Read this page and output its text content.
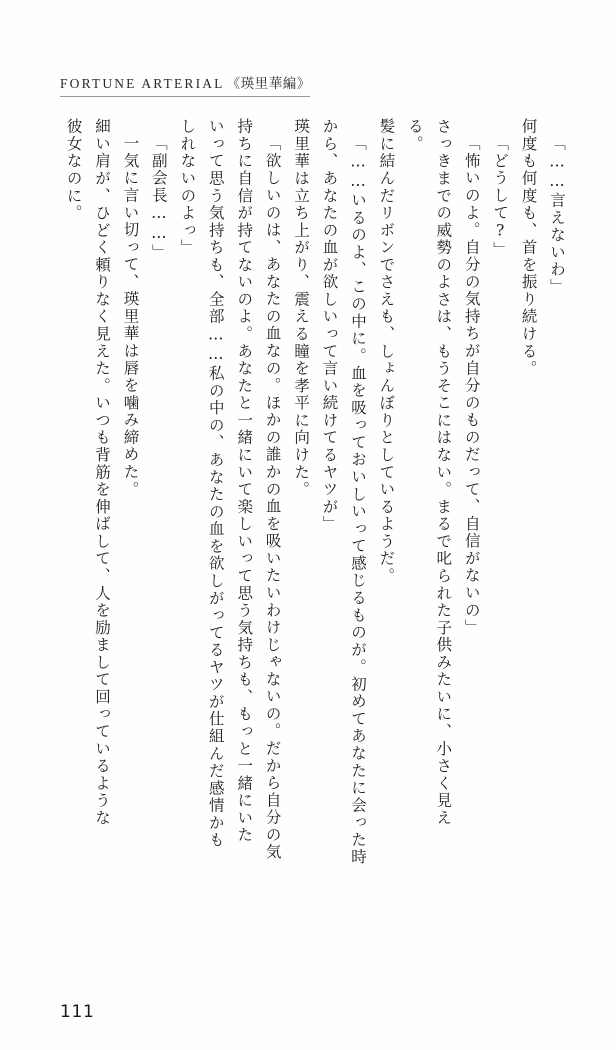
FORTUNE ARTERIAL 《瑛里華編》
「……言えないわ」
何度も何度も、首を振り続ける。
「どうして?」
「怖いのよ。自分の気持ちが自分のものだって、自信がないの」
さっきまでの威勢のよさは、もうそこにはない。まるで叱られた子供みたいに、小さく見え
る。
髪に結んだリボンでさえも、しょんぼりとしているようだ。
「……いるのよ、この中に。血を吸っておいしいって感じるものが。初めてあなたに会った時
から、あなたの血が欲しいって言い続けてるヤツが」
瑛里華は立ち上がり、震える瞳を孝平に向けた。
「欲しいのは、あなたの血なの。ほかの誰かの血を吸いたいわけじゃないの。だから自分の気
持ちに自信が持てないのよ。あなたと一緒にいて楽しいって思う気持ちも、もっと一緒にいた
いって思う気持ちも、全部……私の中の、あなたの血を欲しがってるヤツが仕組んだ感情かも
しれないのよっ」
「副会長……」
一気に言い切って、瑛里華は唇を噛み締めた。
細い肩が、ひどく頼りなく見えた。いつも背筋を伸ばして、人を励まして回っているような
彼女なのに。
111
